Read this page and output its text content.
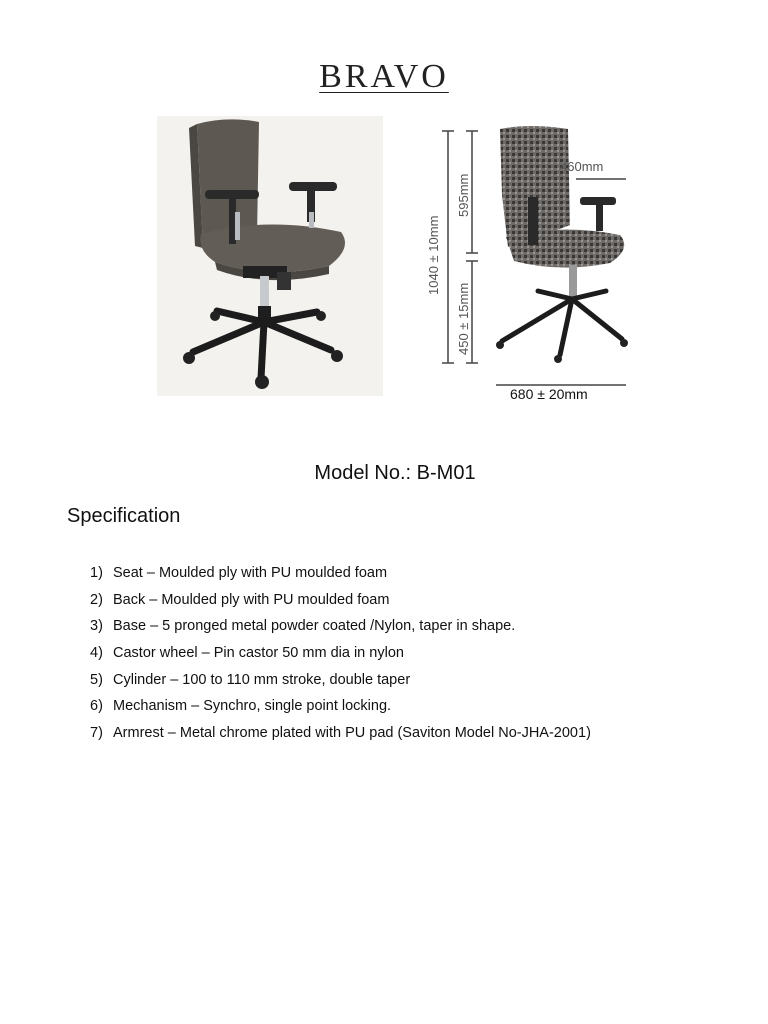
BRAVO
460mm
595mm
1040 ± 10mm
450 ± 15mm
680 ± 20mm
Model No.: B-M01
Specification
1) Seat – Moulded ply with PU moulded foam
2) Back – Moulded ply with PU moulded foam
3) Base – 5 pronged metal powder coated /Nylon, taper in shape.
4) Castor wheel – Pin castor 50 mm dia in nylon
5) Cylinder – 100 to 110 mm stroke, double taper
6) Mechanism – Synchro, single point locking.
7) Armrest – Metal chrome plated with PU pad (Saviton Model No-JHA-2001)
